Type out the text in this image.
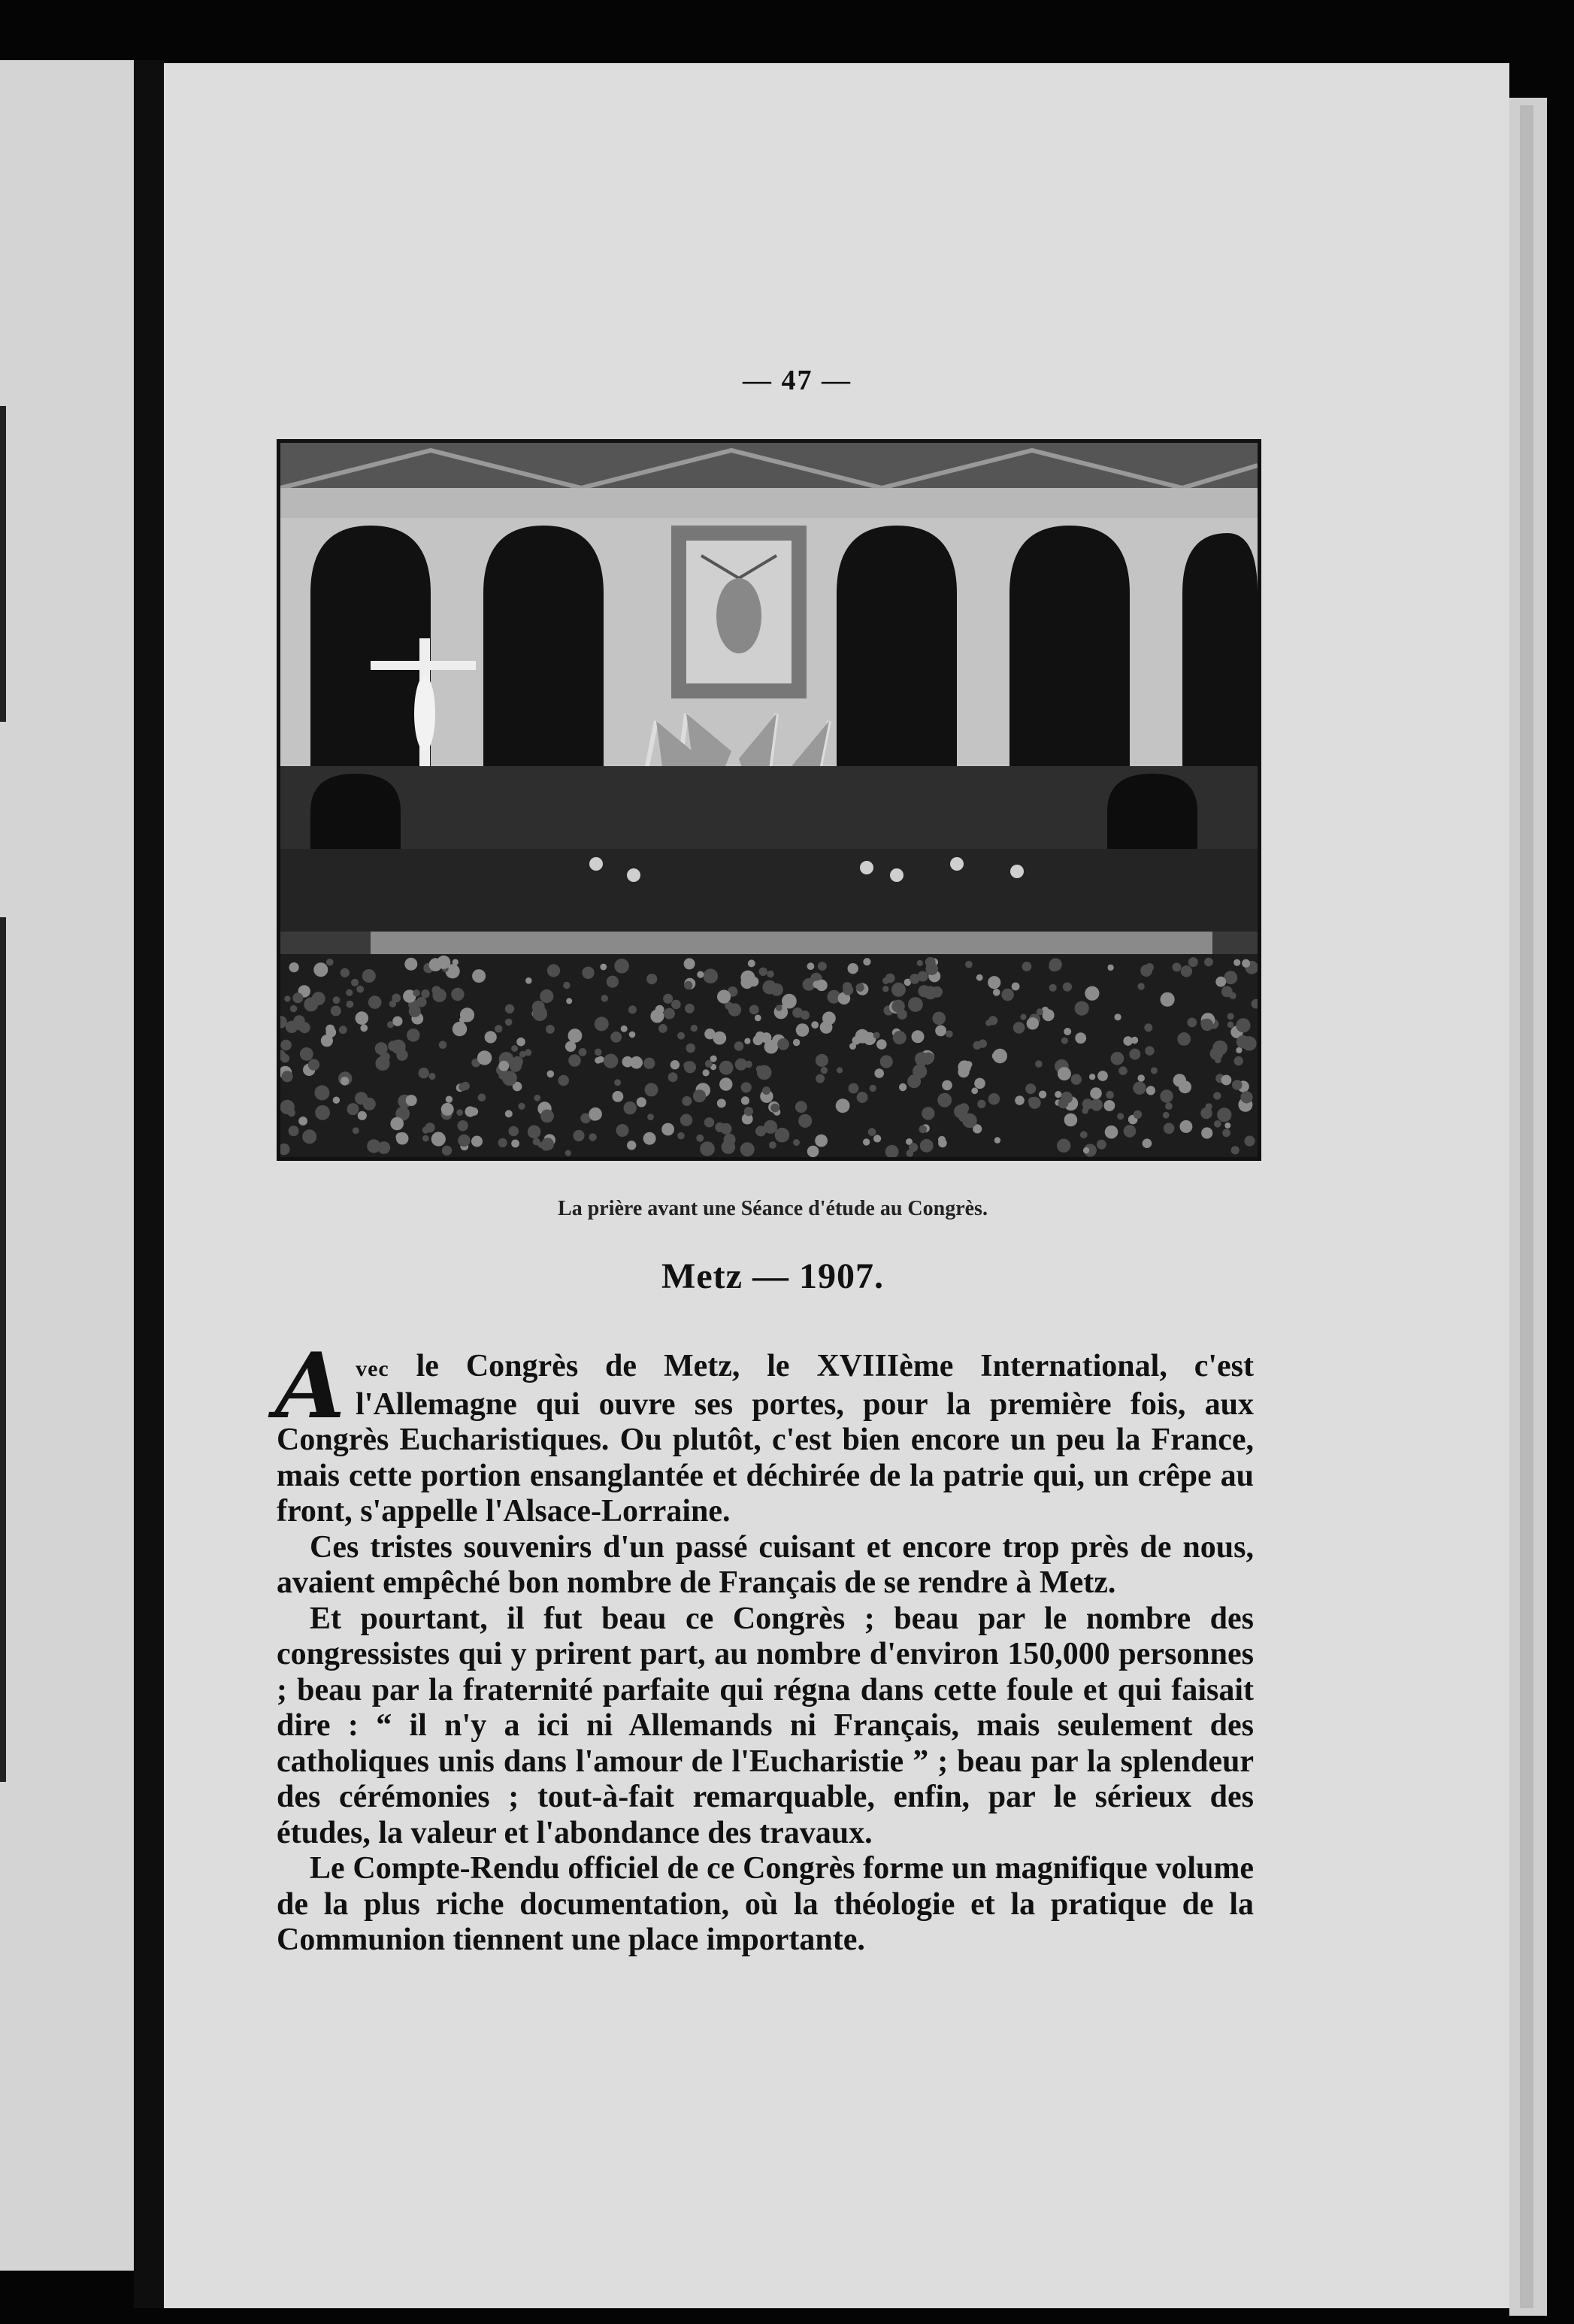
— 47 —
La prière avant une Séance d'étude au Congrès.
Metz — 1907.

Avec le Congrès de Metz, le XVIIIème International, c'est l'Allemagne qui ouvre ses portes, pour la première fois, aux Congrès Eucharistiques. Ou plutôt, c'est bien encore un peu la France, mais cette portion ensanglantée et déchirée de la patrie qui, un crêpe au front, s'appelle l'Alsace-Lorraine.

Ces tristes souvenirs d'un passé cuisant et encore trop près de nous, avaient empêché bon nombre de Français de se rendre à Metz.

Et pourtant, il fut beau ce Congrès ; beau par le nombre des congressistes qui y prirent part, au nombre d'environ 150,000 personnes ; beau par la fraternité parfaite qui régna dans cette foule et qui faisait dire : “ il n'y a ici ni Allemands ni Français, mais seulement des catholiques unis dans l'amour de l'Eucharistie ” ; beau par la splendeur des cérémonies ; tout-à-fait remarquable, enfin, par le sérieux des études, la valeur et l'abondance des travaux.

Le Compte-Rendu officiel de ce Congrès forme un magnifique volume de la plus riche documentation, où la théologie et la pratique de la Communion tiennent une place importante.
